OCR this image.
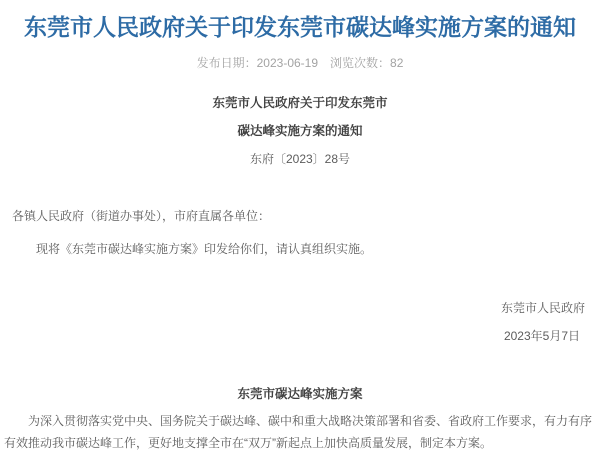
东莞市人民政府关于印发东莞市碳达峰实施方案的通知
发布日期：2023-06-19 浏览次数：82

东莞市人民政府关于印发东莞市

碳达峰实施方案的通知

东府〔2023〕28号

各镇人民政府（街道办事处），市府直属各单位：

现将《东莞市碳达峰实施方案》印发给你们，请认真组织实施。

东莞市人民政府

2023年5月7日

东莞市碳达峰实施方案

为深入贯彻落实党中央、国务院关于碳达峰、碳中和重大战略决策部署和省委、省政府工作要求，有力有序有效推动我市碳达峰工作，更好地支撑全市在“双万”新起点上加快高质量发展，制定本方案。
